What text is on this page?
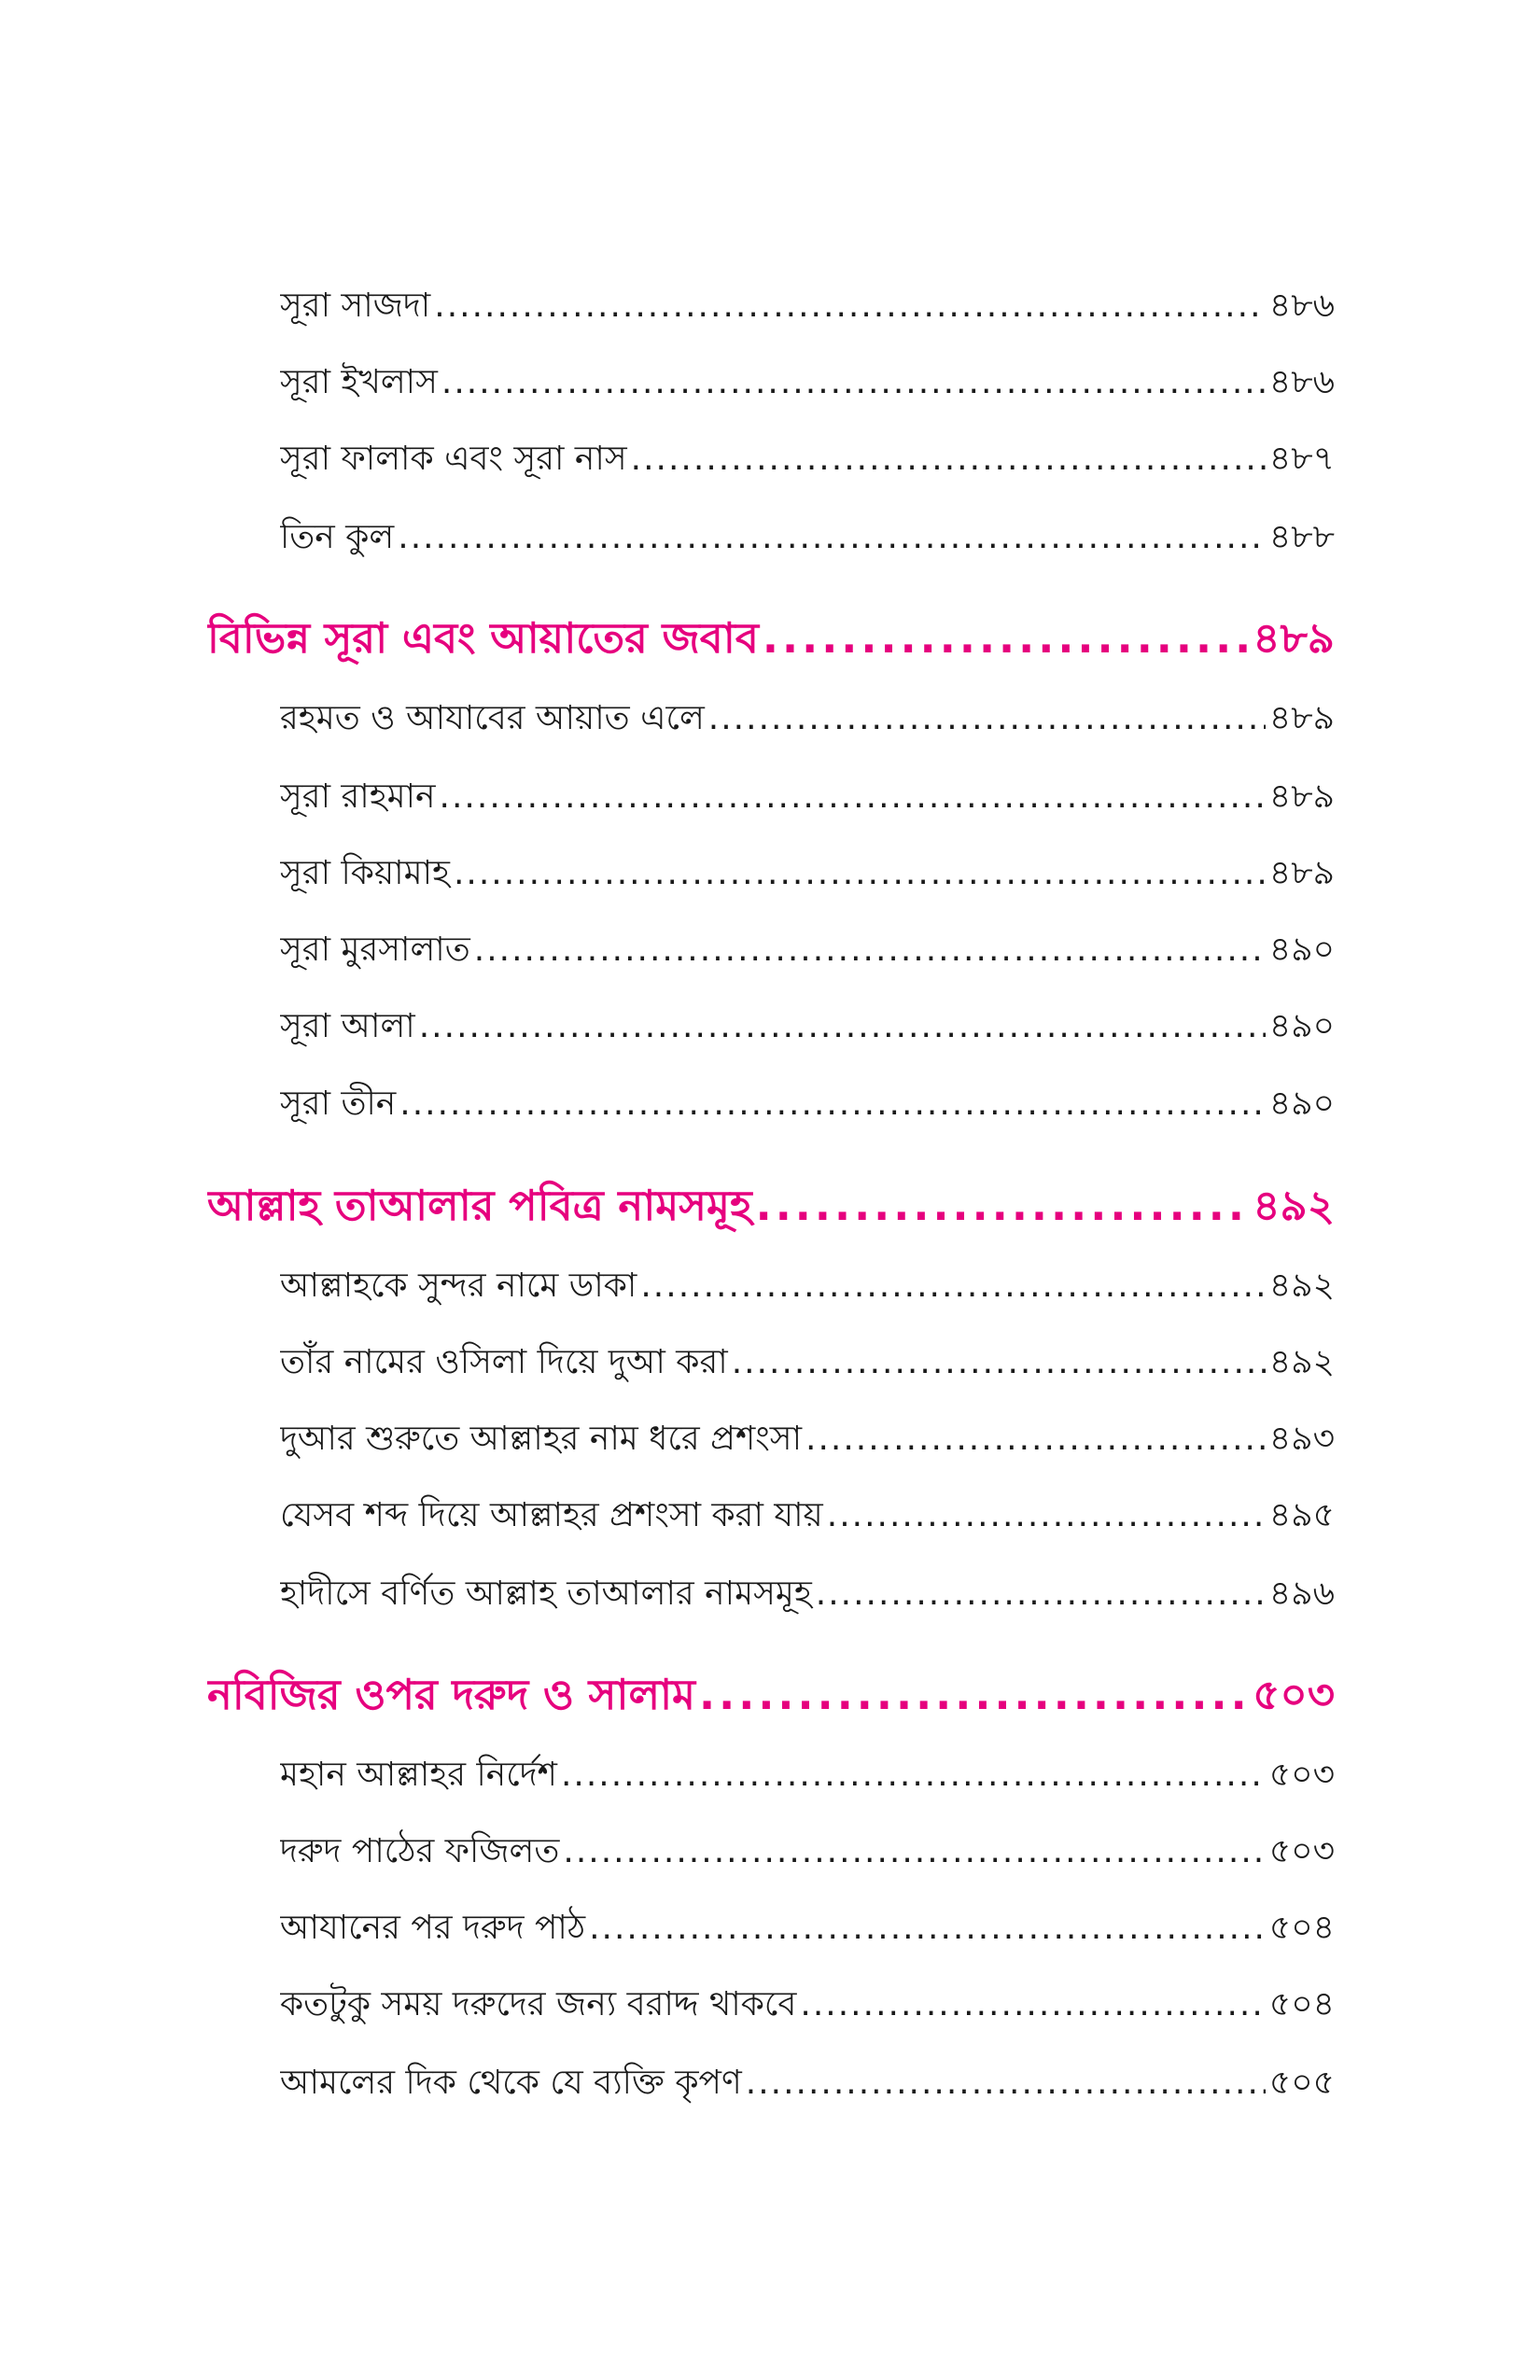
সূরা সাজদা .....	৪৮৬
সূরা ইখলাস .....	৪৮৬
সূরা ফালাক এবং সূরা নাস .....	৪৮৭
তিন কুল .....	৪৮৮
বিভিন্ন সূরা এবং আয়াতের জবাব .....	৪৮৯
রহমত ও আযাবের আয়াত এলে .....	৪৮৯
সূরা রাহমান .....	৪৮৯
সূরা কিয়ামাহ .....	৪৮৯
সূরা মুরসালাত .....	৪৯০
সূরা আলা .....	৪৯০
সূরা তীন .....	৪৯০
আল্লাহ তাআলার পবিত্র নামসমূহ .....	৪৯২
আল্লাহকে সুন্দর নামে ডাকা .....	৪৯২
তাঁর নামের ওসিলা দিয়ে দুআ করা .....	৪৯২
দুআর শুরুতে আল্লাহর নাম ধরে প্রশংসা .....	৪৯৩
যেসব শব্দ দিয়ে আল্লাহর প্রশংসা করা যায় .....	৪৯৫
হাদীসে বর্ণিত আল্লাহ তাআলার নামসমূহ .....	৪৯৬
নবিজির ওপর দরুদ ও সালাম .....	৫০৩
মহান আল্লাহর নির্দেশ .....	৫০৩
দরুদ পাঠের ফজিলত .....	৫০৩
আযানের পর দরুদ পাঠ .....	৫০৪
কতটুকু সময় দরুদের জন্য বরাদ্দ থাকবে .....	৫০৪
আমলের দিক থেকে যে ব্যক্তি কৃপণ .....	৫০৫
